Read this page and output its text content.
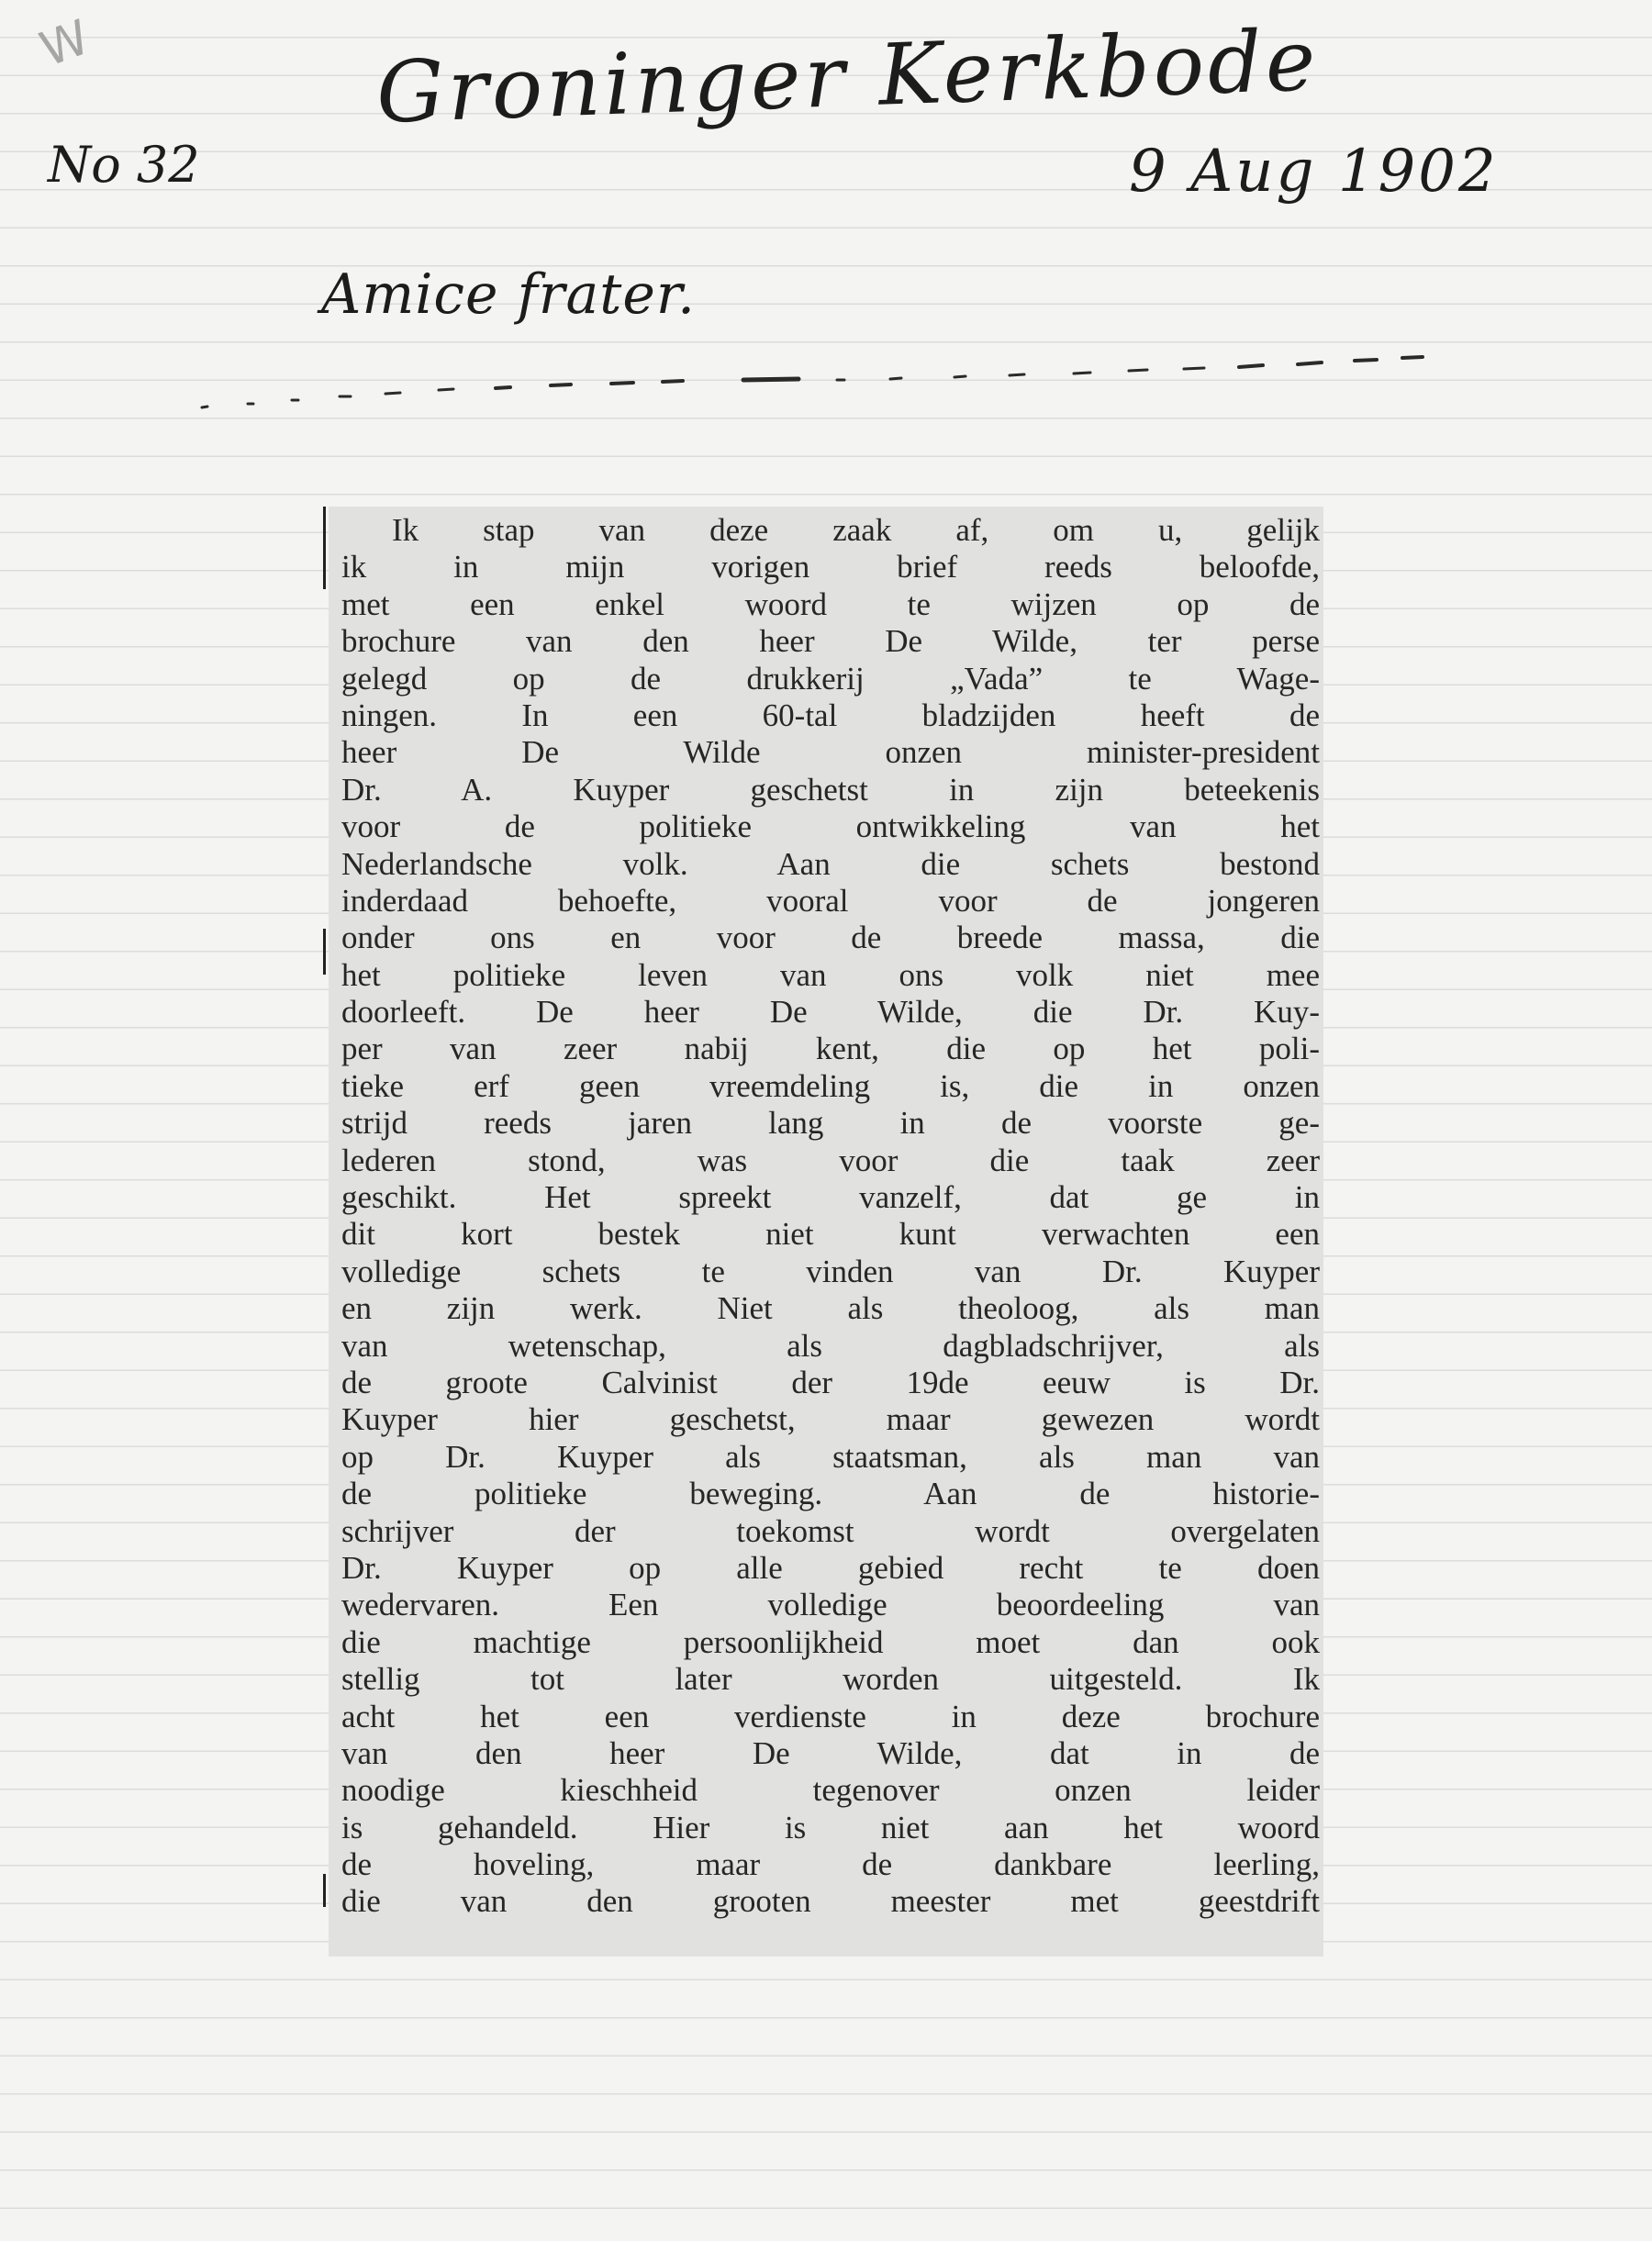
W	Groninger Kerkbode
No 32	9 Aug 1902
Amice frater.
Ik stap van deze zaak af, om u, gelijk
ik in mijn vorigen brief reeds beloofde,
met een enkel woord te wijzen op de
brochure van den heer De Wilde, ter perse
gelegd op de drukkerij „Vada” te Wage-
ningen. In een 60-tal bladzijden heeft de
heer De Wilde onzen minister-president
Dr. A. Kuyper geschetst in zijn beteekenis
voor de politieke ontwikkeling van het
Nederlandsche volk. Aan die schets bestond
inderdaad behoefte, vooral voor de jongeren
onder ons en voor de breede massa, die
het politieke leven van ons volk niet mee
doorleeft. De heer De Wilde, die Dr. Kuy-
per van zeer nabij kent, die op het poli-
tieke erf geen vreemdeling is, die in onzen
strijd reeds jaren lang in de voorste ge-
lederen stond, was voor die taak zeer
geschikt. Het spreekt vanzelf, dat ge in
dit kort bestek niet kunt verwachten een
volledige schets te vinden van Dr. Kuyper
en zijn werk. Niet als theoloog, als man
van wetenschap, als dagbladschrijver, als
de groote Calvinist der 19de eeuw is Dr.
Kuyper hier geschetst, maar gewezen wordt
op Dr. Kuyper als staatsman, als man van
de politieke beweging. Aan de historie-
schrijver der toekomst wordt overgelaten
Dr. Kuyper op alle gebied recht te doen
wedervaren. Een volledige beoordeeling van
die machtige persoonlijkheid moet dan ook
stellig tot later worden uitgesteld. Ik
acht het een verdienste in deze brochure
van den heer De Wilde, dat in de
noodige kieschheid tegenover onzen leider
is gehandeld. Hier is niet aan het woord
de hoveling, maar de dankbare leerling,
die van den grooten meester met geestdrift
